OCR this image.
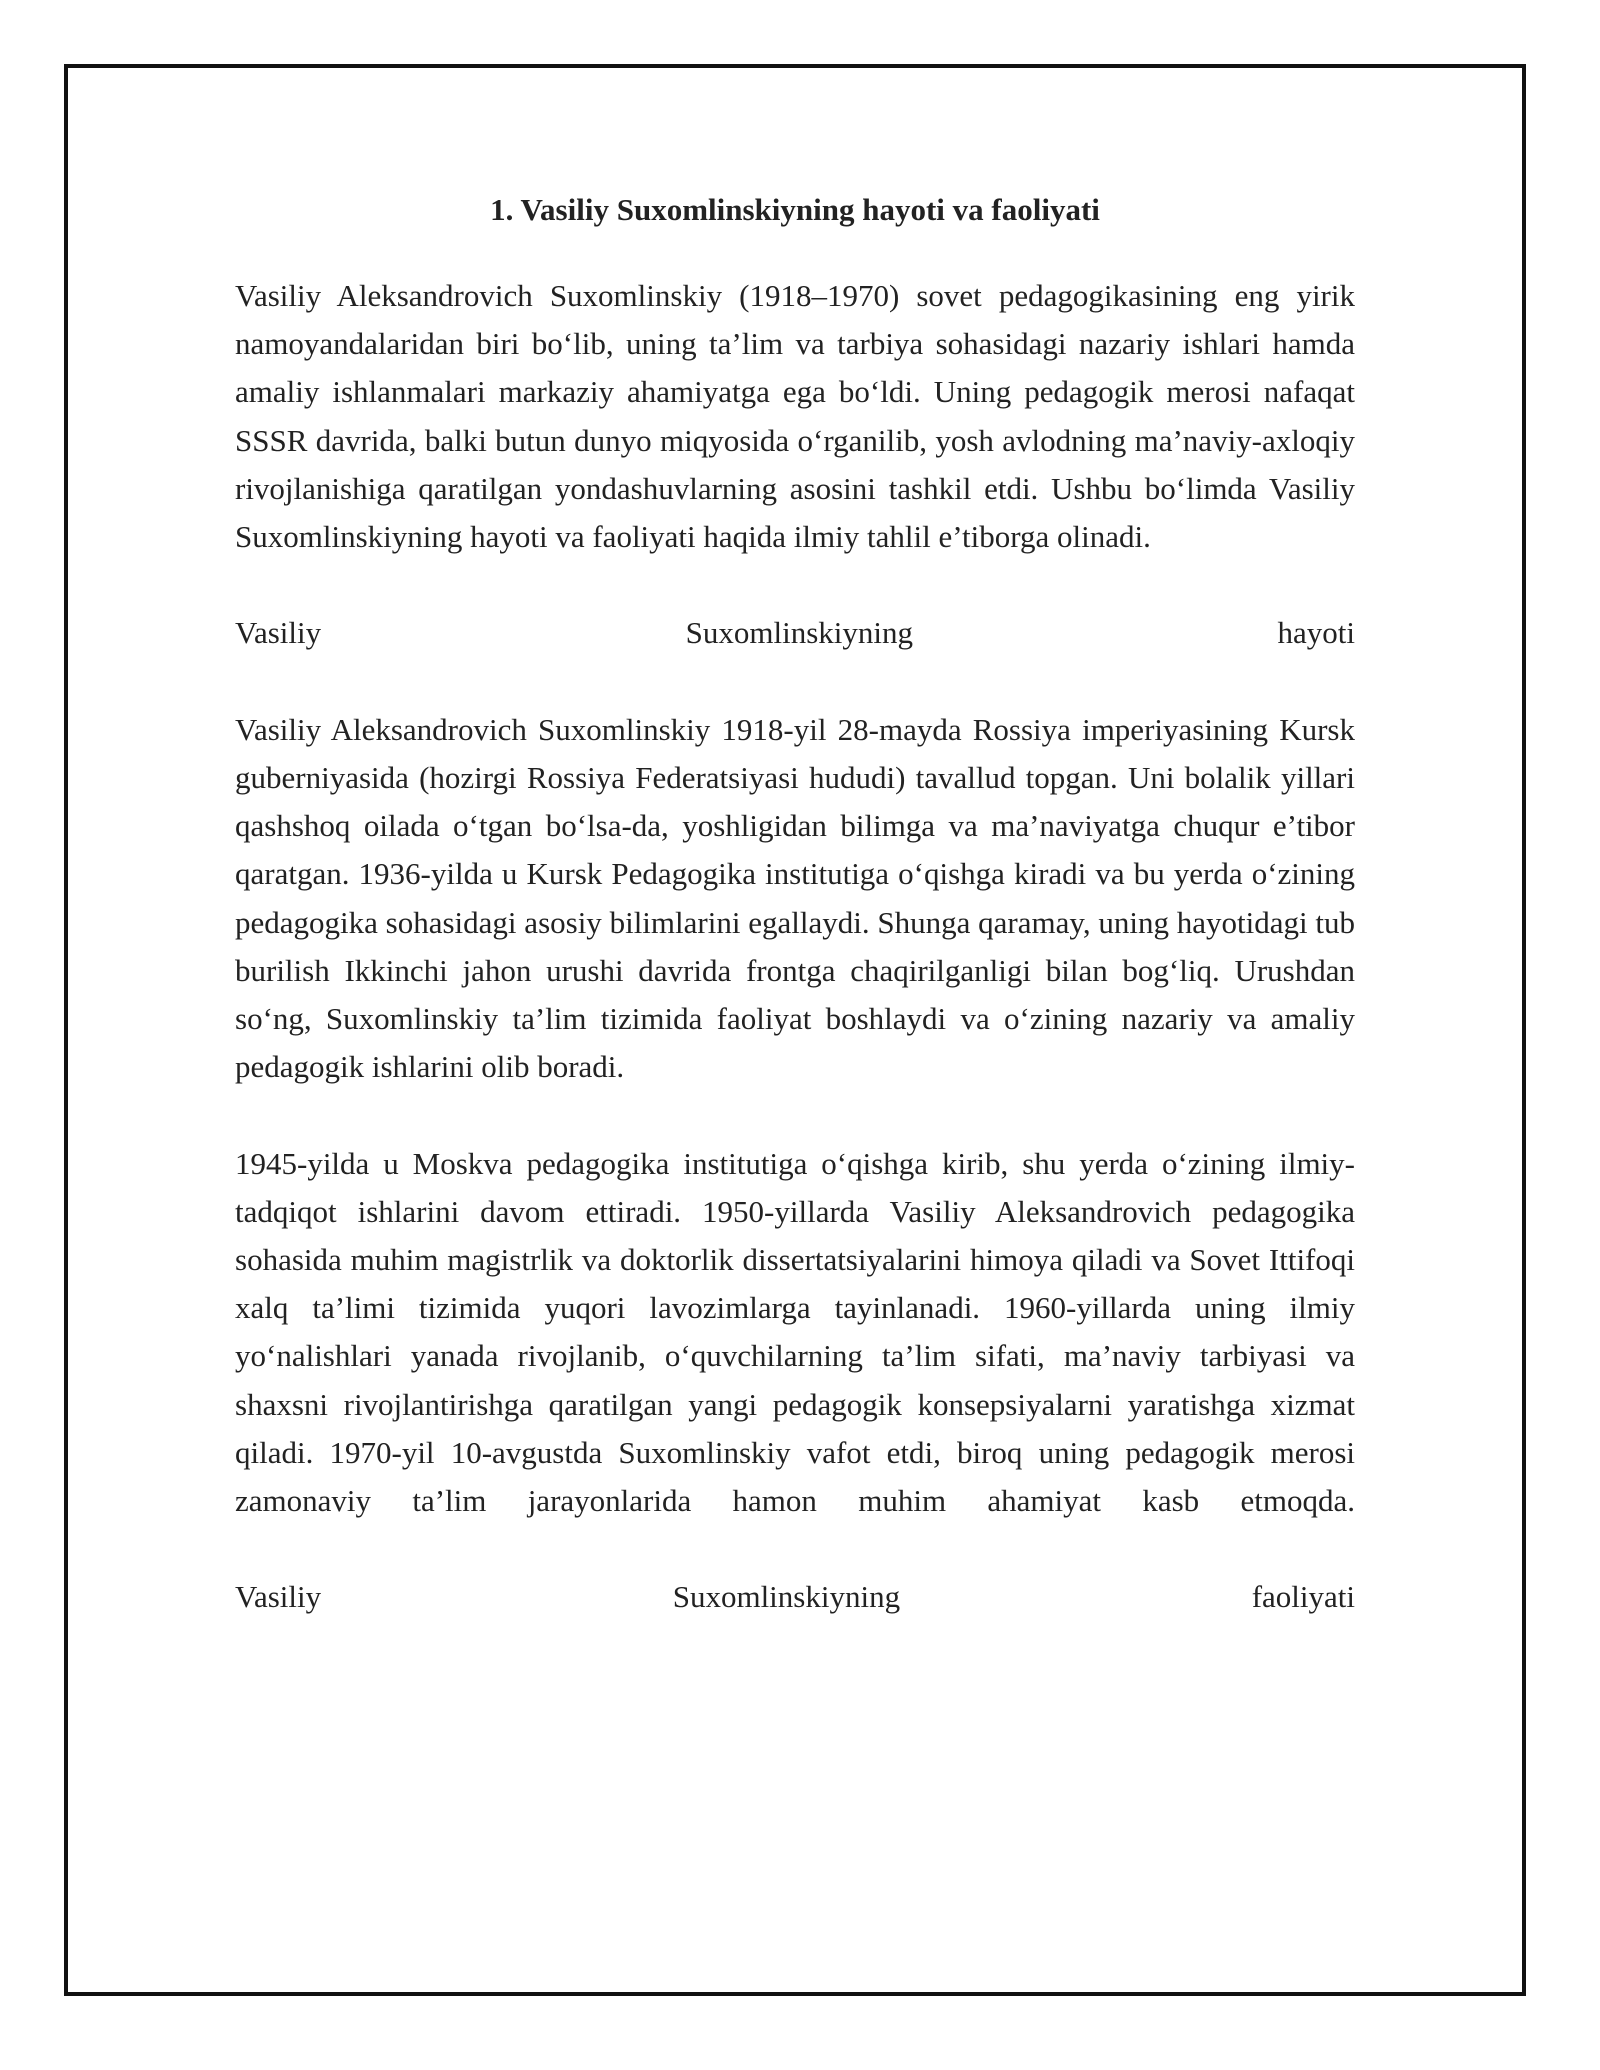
1. Vasiliy Suxomlinskiyning hayoti va faoliyati

Vasiliy Aleksandrovich Suxomlinskiy (1918–1970) sovet pedagogikasining eng yirik namoyandalaridan biri bo‘lib, uning ta’lim va tarbiya sohasidagi nazariy ishlari hamda amaliy ishlanmalari markaziy ahamiyatga ega bo‘ldi. Uning pedagogik merosi nafaqat SSSR davrida, balki butun dunyo miqyosida o‘rganilib, yosh avlodning ma’naviy-axloqiy rivojlanishiga qaratilgan yondashuvlarning asosini tashkil etdi. Ushbu bo‘limda Vasiliy Suxomlinskiyning hayoti va faoliyati haqida ilmiy tahlil e’tiborga olinadi.

Vasiliy	Suxomlinskiyning	hayoti

Vasiliy Aleksandrovich Suxomlinskiy 1918-yil 28-mayda Rossiya imperiyasining Kursk guberniyasida (hozirgi Rossiya Federatsiyasi hududi) tavallud topgan. Uni bolalik yillari qashshoq oilada o‘tgan bo‘lsa-da, yoshligidan bilimga va ma’naviyatga chuqur e’tibor qaratgan. 1936-yilda u Kursk Pedagogika institutiga o‘qishga kiradi va bu yerda o‘zining pedagogika sohasidagi asosiy bilimlarini egallaydi. Shunga qaramay, uning hayotidagi tub burilish Ikkinchi jahon urushi davrida frontga chaqirilganligi bilan bog‘liq. Urushdan so‘ng, Suxomlinskiy ta’lim tizimida faoliyat boshlaydi va o‘zining nazariy va amaliy pedagogik ishlarini olib boradi.

1945-yilda u Moskva pedagogika institutiga o‘qishga kirib, shu yerda o‘zining ilmiy-tadqiqot ishlarini davom ettiradi. 1950-yillarda Vasiliy Aleksandrovich pedagogika sohasida muhim magistrlik va doktorlik dissertatsiyalarini himoya qiladi va Sovet Ittifoqi xalq ta’limi tizimida yuqori lavozimlarga tayinlanadi. 1960-yillarda uning ilmiy yo‘nalishlari yanada rivojlanib, o‘quvchilarning ta’lim sifati, ma’naviy tarbiyasi va shaxsni rivojlantirishga qaratilgan yangi pedagogik konsepsiyalarni yaratishga xizmat qiladi. 1970-yil 10-avgustda Suxomlinskiy vafot etdi, biroq uning pedagogik merosi zamonaviy ta’lim jarayonlarida hamon muhim ahamiyat kasb etmoqda.

Vasiliy	Suxomlinskiyning	faoliyati
